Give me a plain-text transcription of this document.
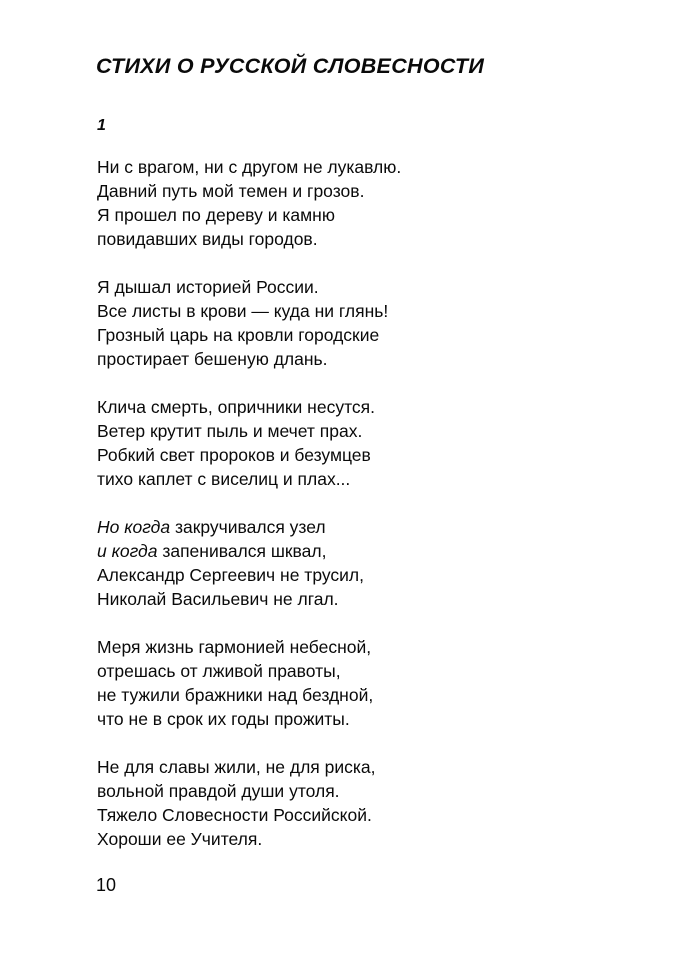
СТИХИ О РУССКОЙ СЛОВЕСНОСТИ
1
Ни с врагом, ни с другом не лукавлю.
Давний путь мой темен и грозов.
Я прошел по дереву и камню
повидавших виды городов.
Я дышал историей России.
Все листы в крови — куда ни глянь!
Грозный царь на кровли городские
простирает бешеную длань.
Клича смерть, опричники несутся.
Ветер крутит пыль и мечет прах.
Робкий свет пророков и безумцев
тихо каплет с виселиц и плах...
Но когда закручивался узел
и когда запенивался шквал,
Александр Сергеевич не трусил,
Николай Васильевич не лгал.
Меря жизнь гармонией небесной,
отрешась от лживой правоты,
не тужили бражники над бездной,
что не в срок их годы прожиты.
Не для славы жили, не для риска,
вольной правдой души утоля.
Тяжело Словесности Российской.
Хороши ее Учителя.
10
